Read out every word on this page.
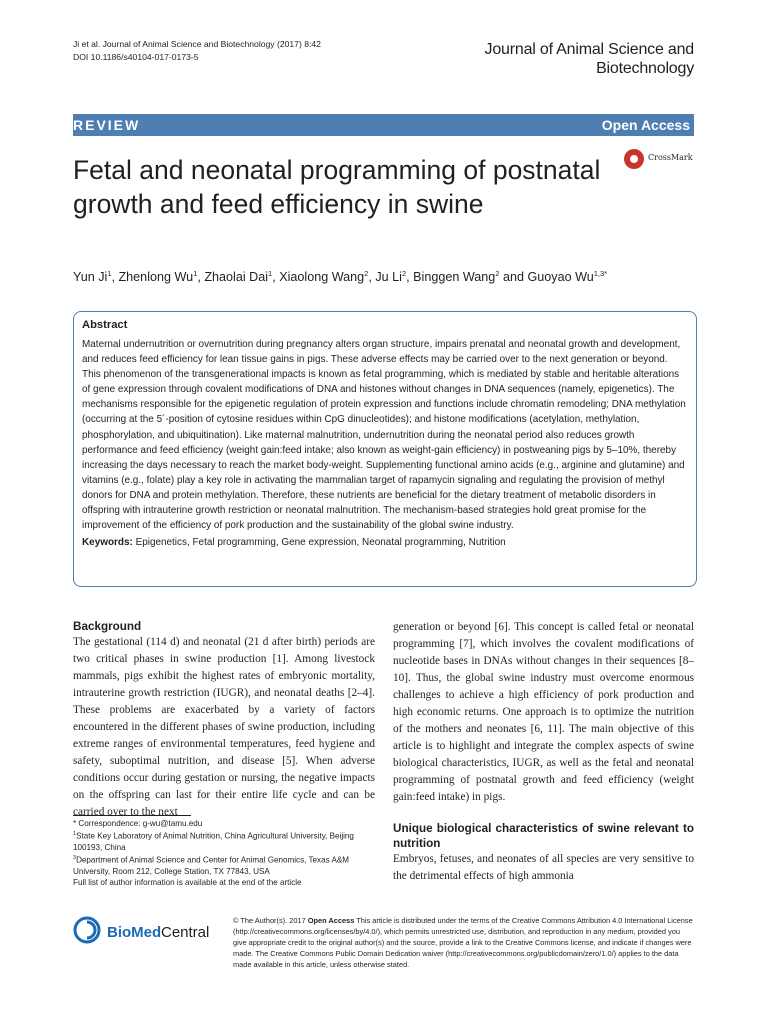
Ji et al. Journal of Animal Science and Biotechnology (2017) 8:42
DOI 10.1186/s40104-017-0173-5	Journal of Animal Science and
Biotechnology
REVIEW	Open Access
Fetal and neonatal programming of postnatal growth and feed efficiency in swine
CrossMark
Yun Ji$^1$, Zhenlong Wu$^1$, Zhaolai Dai$^1$, Xiaolong Wang$^2$, Ju Li$^2$, Binggen Wang$^2$ and Guoyao $Wu^{1,3*}$
Abstract
Maternal undernutrition or overnutrition during pregnancy alters organ structure, impairs prenatal and neonatal growth and development, and reduces feed efficiency for lean tissue gains in pigs. These adverse effects may be carried over to the next generation or beyond. This phenomenon of the transgenerational impacts is known as fetal programming, which is mediated by stable and heritable alterations of gene expression through covalent modifications of DNA and histones without changes in DNA sequences (namely, epigenetics). The mechanisms responsible for the epigenetic regulation of protein expression and functions include chromatin remodeling; DNA methylation (occurring at the 5´-position of cytosine residues within CpG dinucleotides); and histone modifications (acetylation, methylation, phosphorylation, and ubiquitination). Like maternal malnutrition, undernutrition during the neonatal period also reduces growth performance and feed efficiency (weight gain:feed intake; also known as weight-gain efficiency) in postweaning pigs by 5–10%, thereby increasing the days necessary to reach the market body-weight. Supplementing functional amino acids (e.g., arginine and glutamine) and vitamins (e.g., folate) play a key role in activating the mammalian target of rapamycin signaling and regulating the provision of methyl donors for DNA and protein methylation. Therefore, these nutrients are beneficial for the dietary treatment of metabolic disorders in offspring with intrauterine growth restriction or neonatal malnutrition. The mechanism-based strategies hold great promise for the improvement of the efficiency of pork production and the sustainability of the global swine industry.
Keywords: Epigenetics, Fetal programming, Gene expression, Neonatal programming, Nutrition
Background
The gestational (114 d) and neonatal (21 d after birth) periods are two critical phases in swine production [1]. Among livestock mammals, pigs exhibit the highest rates of embryonic mortality, intrauterine growth restriction (IUGR), and neonatal deaths [2–4]. These problems are exacerbated by a variety of factors encountered in the different phases of swine production, including extreme ranges of environmental temperatures, feed hygiene and safety, suboptimal nutrition, and disease [5]. When adverse conditions occur during gestation or nursing, the negative impacts on the offspring can last for their entire life cycle and can be carried over to the next
generation or beyond [6]. This concept is called fetal or neonatal programming [7], which involves the covalent modifications of nucleotide bases in DNAs without changes in their sequences [8–10]. Thus, the global swine industry must overcome enormous challenges to achieve a high efficiency of pork production and high economic returns. One approach is to optimize the nutrition of the mothers and neonates [6, 11]. The main objective of this article is to highlight and integrate the complex aspects of swine biological characteristics, IUGR, as well as the fetal and neonatal programming of postnatal growth and feed efficiency (weight gain:feed intake) in pigs.
Unique biological characteristics of swine relevant to nutrition
Embryos, fetuses, and neonates of all species are very sensitive to the detrimental effects of high ammonia
* Correspondence: g-wu@tamu.edu
$^1$State Key Laboratory of Animal Nutrition, China Agricultural University, Beijing 100193, China
$^3$Department of Animal Science and Center for Animal Genomics, Texas A&M University, Room 212, College Station, TX 77843, USA
Full list of author information is available at the end of the article
BioMed Central
© The Author(s). 2017 Open Access This article is distributed under the terms of the Creative Commons Attribution 4.0 International License (http://creativecommons.org/licenses/by/4.0/), which permits unrestricted use, distribution, and reproduction in any medium, provided you give appropriate credit to the original author(s) and the source, provide a link to the Creative Commons license, and indicate if changes were made. The Creative Commons Public Domain Dedication waiver (http://creativecommons.org/publicdomain/zero/1.0/) applies to the data made available in this article, unless otherwise stated.
